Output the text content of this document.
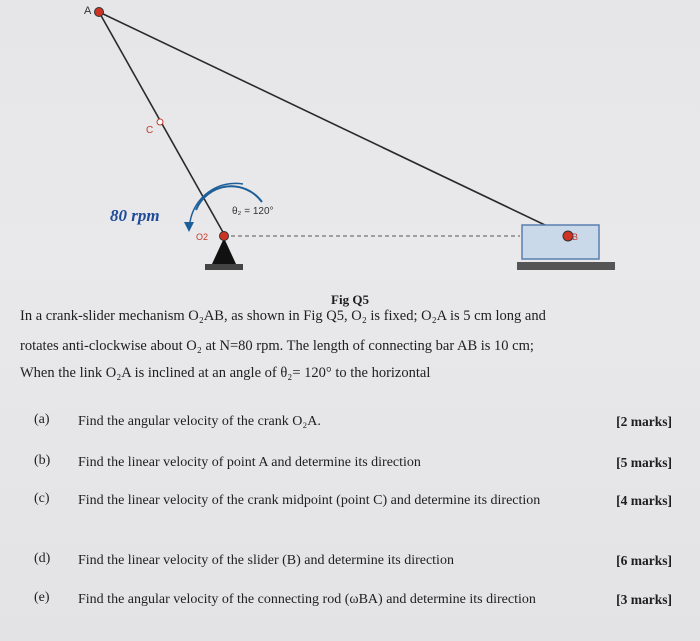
A
C
80 rpm	θ₂ = 120°
O2	B
Fig Q5
In a crank-slider mechanism O₂AB, as shown in Fig Q5, O₂ is fixed; O₂A is 5 cm long and
rotates anti-clockwise about O₂ at N=80 rpm. The length of connecting bar AB is 10 cm;
When the link O₂A is inclined at an angle of θ₂= 120° to the horizontal
(a) Find the angular velocity of the crank O₂A.	[2 marks]
(b) Find the linear velocity of point A and determine its direction	[5 marks]
(c) Find the linear velocity of the crank midpoint (point C) and determine its direction	[4 marks]
(d) Find the linear velocity of the slider (B) and determine its direction	[6 marks]
(e) Find the angular velocity of the connecting rod (ωBA) and determine its direction	[3 marks]
